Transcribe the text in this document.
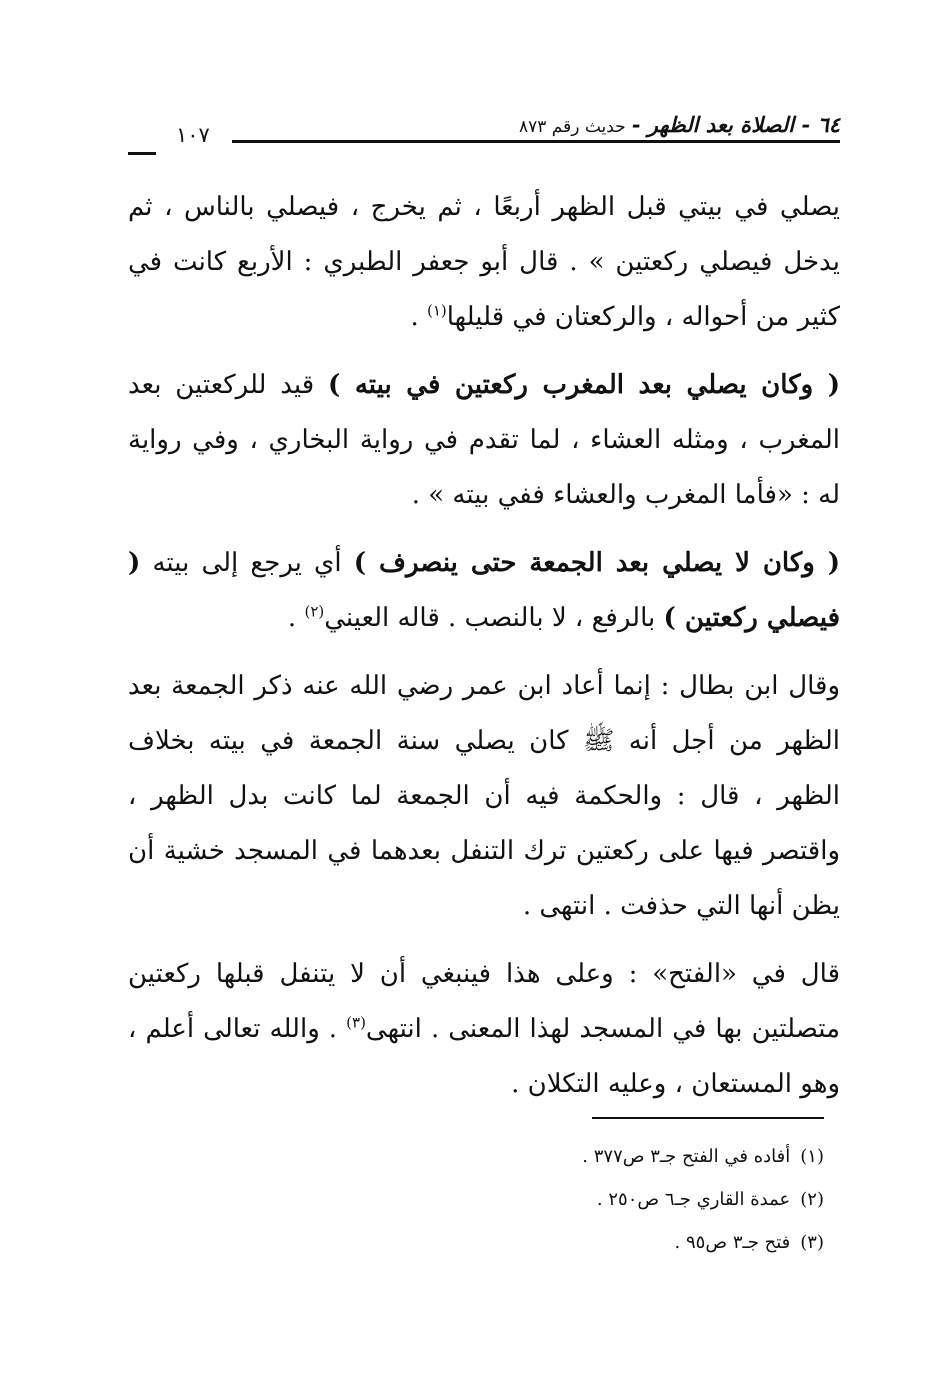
٦٤ - الصلاة بعد الظهر - حديث رقم ٨٧٣
١٠٧

يصلي في بيتي قبل الظهر أربعًا ، ثم يخرج ، فيصلي بالناس ، ثم يدخل فيصلي ركعتين » . قال أبو جعفر الطبري : الأربع كانت في كثير من أحواله ، والركعتان في قليلها$^{(١)}$ .

( وكان يصلي بعد المغرب ركعتين في بيته ) قيد للركعتين بعد المغرب ، ومثله العشاء ، لما تقدم في رواية البخاري ، وفي رواية له : «فأما المغرب والعشاء ففي بيته » .

( وكان لا يصلي بعد الجمعة حتى ينصرف ) أي يرجع إلى بيته ( فيصلي ركعتين ) بالرفع ، لا بالنصب . قاله العيني$^{(٢)}$ .

وقال ابن بطال : إنما أعاد ابن عمر رضي الله عنه ذكر الجمعة بعد الظهر من أجل أنه ﷺ كان يصلي سنة الجمعة في بيته بخلاف الظهر ، قال : والحكمة فيه أن الجمعة لما كانت بدل الظهر ، واقتصر فيها على ركعتين ترك التنفل بعدهما في المسجد خشية أن يظن أنها التي حذفت . انتهى .

قال في «الفتح» : وعلى هذا فينبغي أن لا يتنفل قبلها ركعتين متصلتين بها في المسجد لهذا المعنى . انتهى$^{(٣)}$ . والله تعالى أعلم ، وهو المستعان ، وعليه التكلان .

(١)أفاده في الفتح جـ٣ ص٣٧٧ .
(٢)عمدة القاري جـ٦ ص٢٥٠ .
(٣)فتح جـ٣ ص٩٥ .
